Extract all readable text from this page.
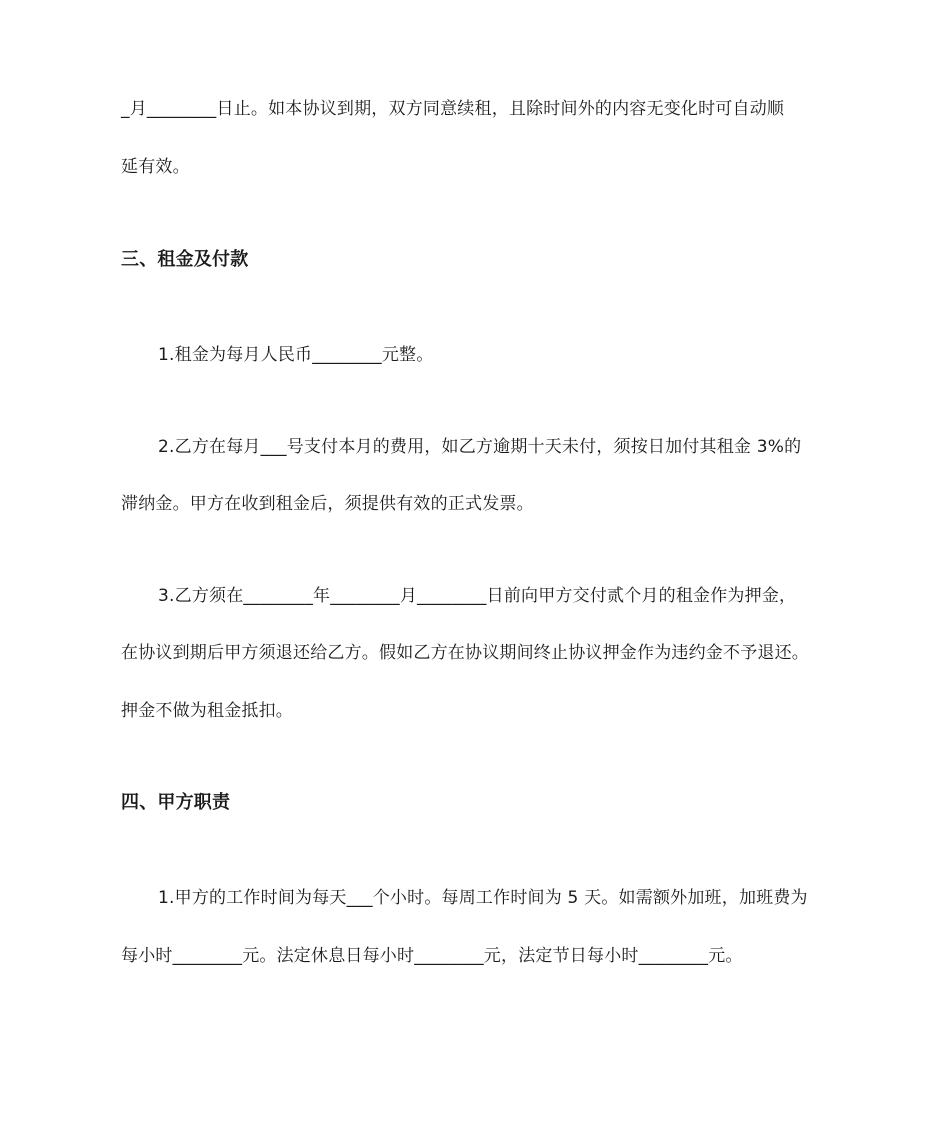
_月________日止。如本协议到期，双方同意续租，且除时间外的内容无变化时可自动顺
延有效。
三、租金及付款
1.租金为每月人民币________元整。
2.乙方在每月___号支付本月的费用，如乙方逾期十天未付，须按日加付其租金 3%的
滞纳金。甲方在收到租金后，须提供有效的正式发票。
3.乙方须在________年________月________日前向甲方交付贰个月的租金作为押金，
在协议到期后甲方须退还给乙方。假如乙方在协议期间终止协议押金作为违约金不予退还。
押金不做为租金抵扣。
四、甲方职责
1.甲方的工作时间为每天___个小时。每周工作时间为 5 天。如需额外加班，加班费为
每小时________元。法定休息日每小时________元，法定节日每小时________元。
